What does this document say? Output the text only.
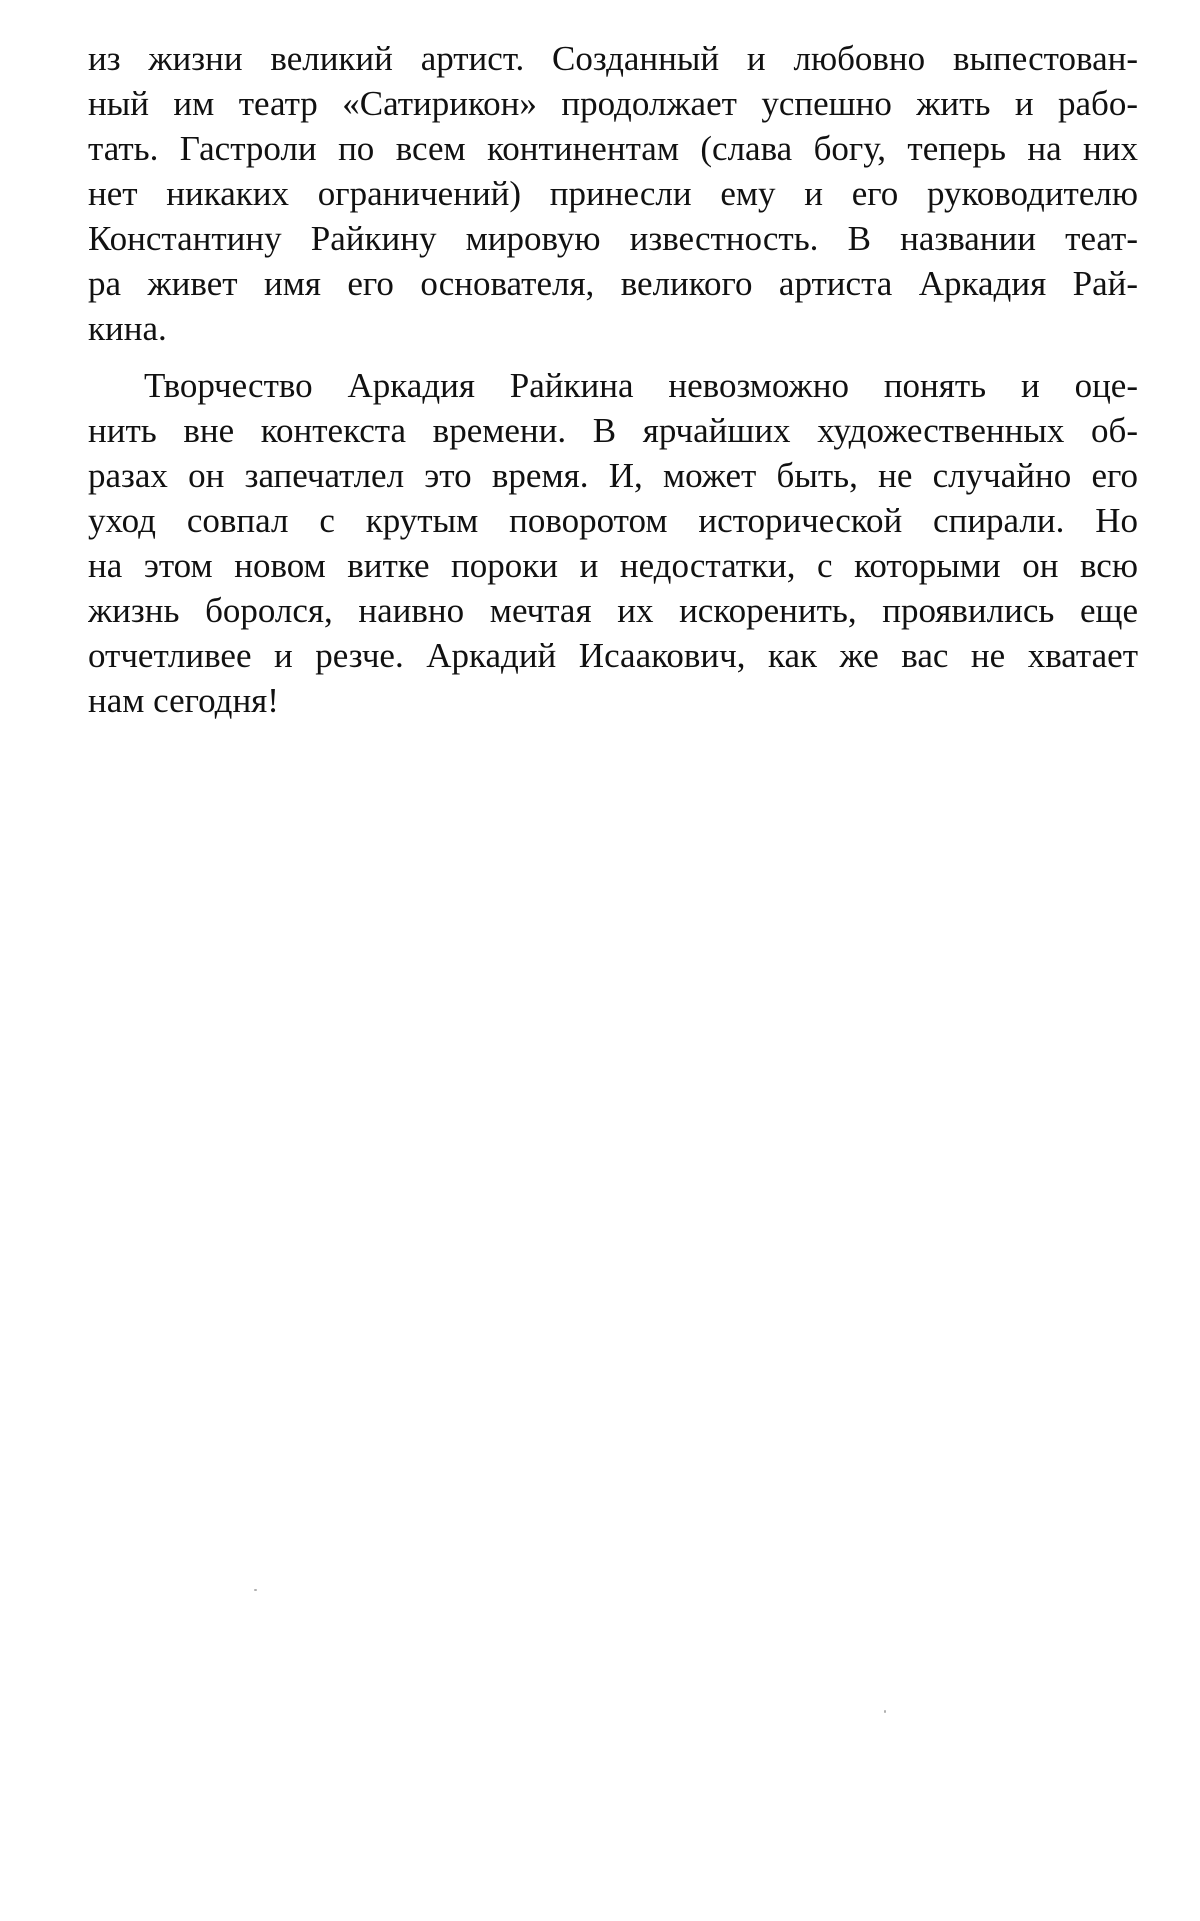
из жизни великий артист. Созданный и любовно выпестован-
ный им театр «Сатирикон» продолжает успешно жить и рабо-
тать. Гастроли по всем континентам (слава богу, теперь на них
нет никаких ограничений) принесли ему и его руководителю
Константину Райкину мировую известность. В названии теат-
ра живет имя его основателя, великого артиста Аркадия Рай-
кина.
Творчество Аркадия Райкина невозможно понять и оце-
нить вне контекста времени. В ярчайших художественных об-
разах он запечатлел это время. И, может быть, не случайно его
уход совпал с крутым поворотом исторической спирали. Но
на этом новом витке пороки и недостатки, с которыми он всю
жизнь боролся, наивно мечтая их искоренить, проявились еще
отчетливее и резче. Аркадий Исаакович, как же вас не хватает
нам сегодня!
